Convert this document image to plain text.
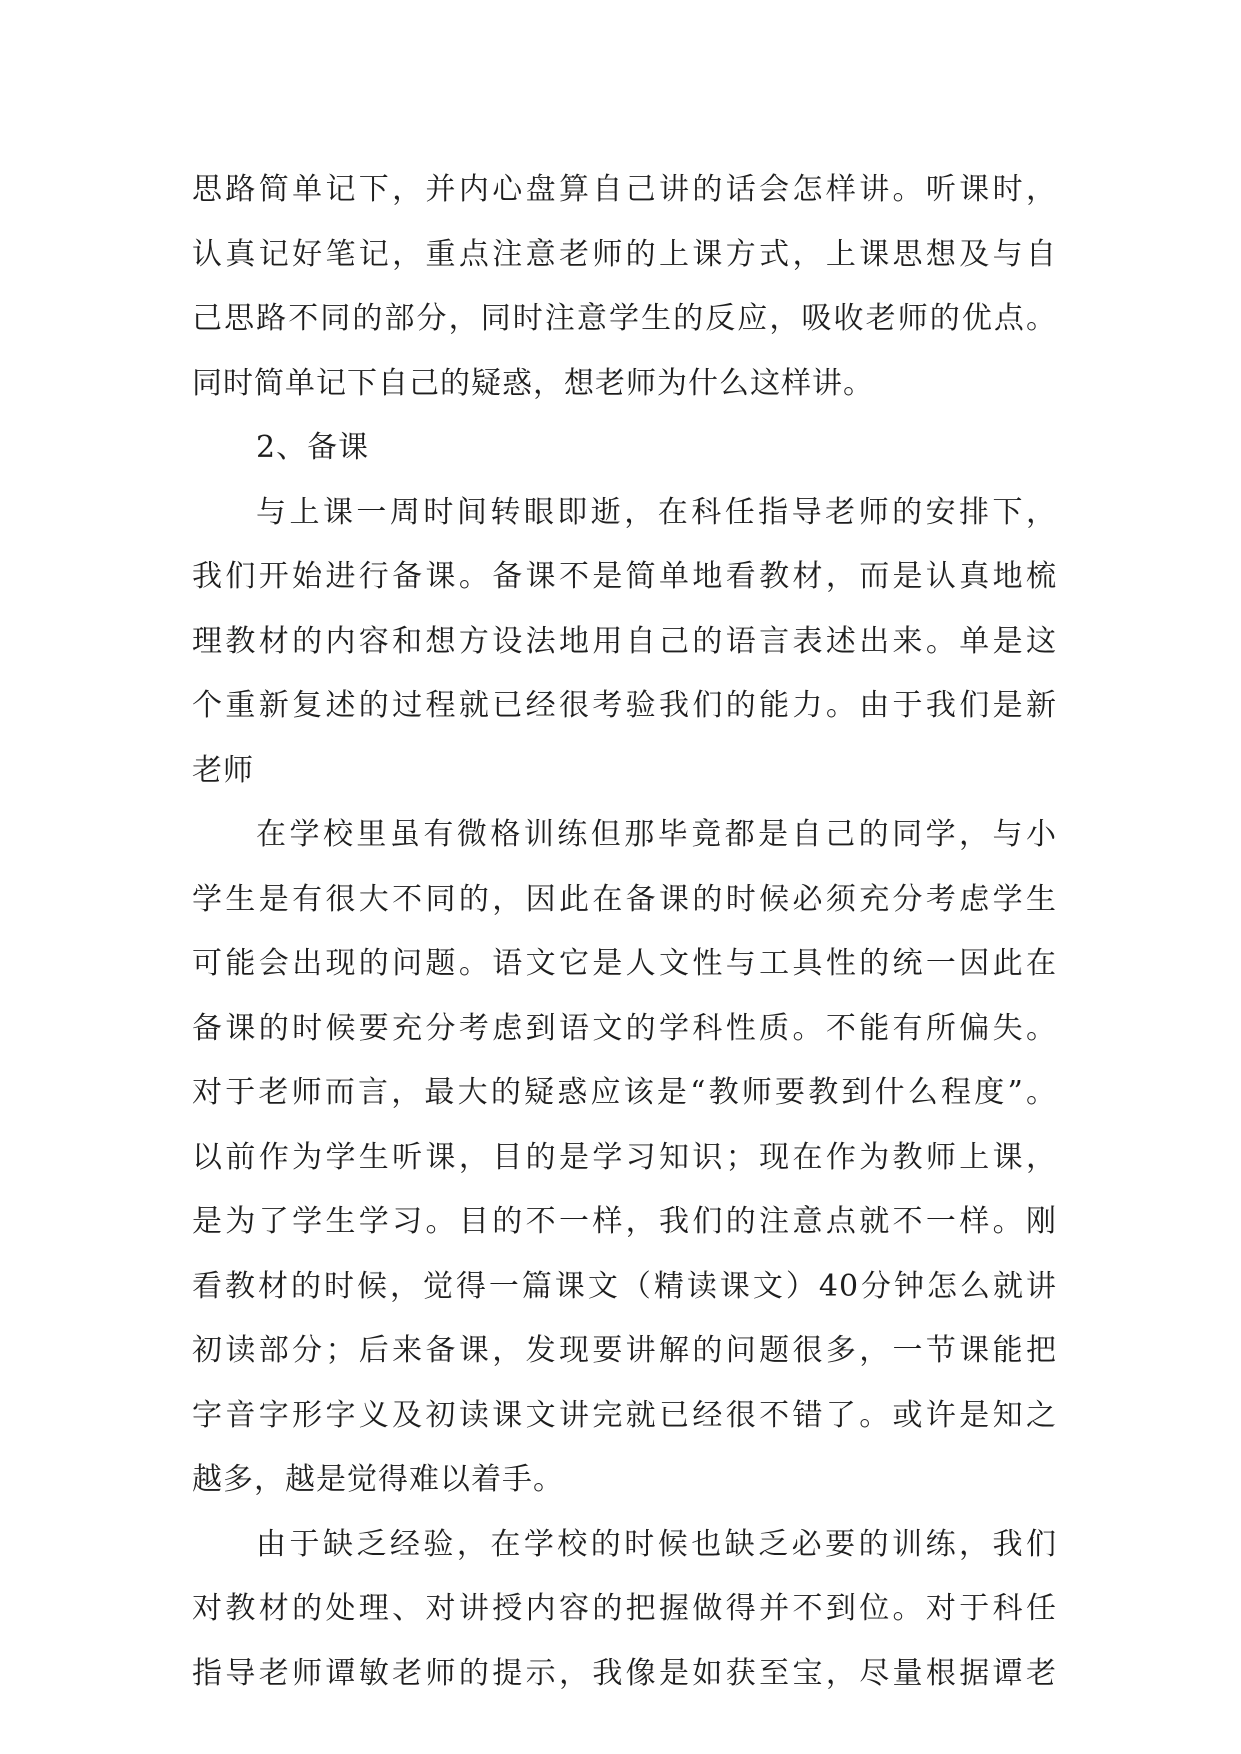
思路简单记下，并内心盘算自己讲的话会怎样讲。听课时，
认真记好笔记，重点注意老师的上课方式，上课思想及与自
己思路不同的部分，同时注意学生的反应，吸收老师的优点。
同时简单记下自己的疑惑，想老师为什么这样讲。
2、备课
与上课一周时间转眼即逝，在科任指导老师的安排下，
我们开始进行备课。备课不是简单地看教材，而是认真地梳
理教材的内容和想方设法地用自己的语言表述出来。单是这
个重新复述的过程就已经很考验我们的能力。由于我们是新
老师
在学校里虽有微格训练但那毕竟都是自己的同学，与小
学生是有很大不同的，因此在备课的时候必须充分考虑学生
可能会出现的问题。语文它是人文性与工具性的统一因此在
备课的时候要充分考虑到语文的学科性质。不能有所偏失。
对于老师而言，最大的疑惑应该是“教师要教到什么程度”。
以前作为学生听课，目的是学习知识；现在作为教师上课，
是为了学生学习。目的不一样，我们的注意点就不一样。刚
看教材的时候，觉得一篇课文（精读课文）40分钟怎么就讲
初读部分；后来备课，发现要讲解的问题很多，一节课能把
字音字形字义及初读课文讲完就已经很不错了。或许是知之
越多，越是觉得难以着手。
由于缺乏经验，在学校的时候也缺乏必要的训练，我们
对教材的处理、对讲授内容的把握做得并不到位。对于科任
指导老师谭敏老师的提示，我像是如获至宝，尽量根据谭老
